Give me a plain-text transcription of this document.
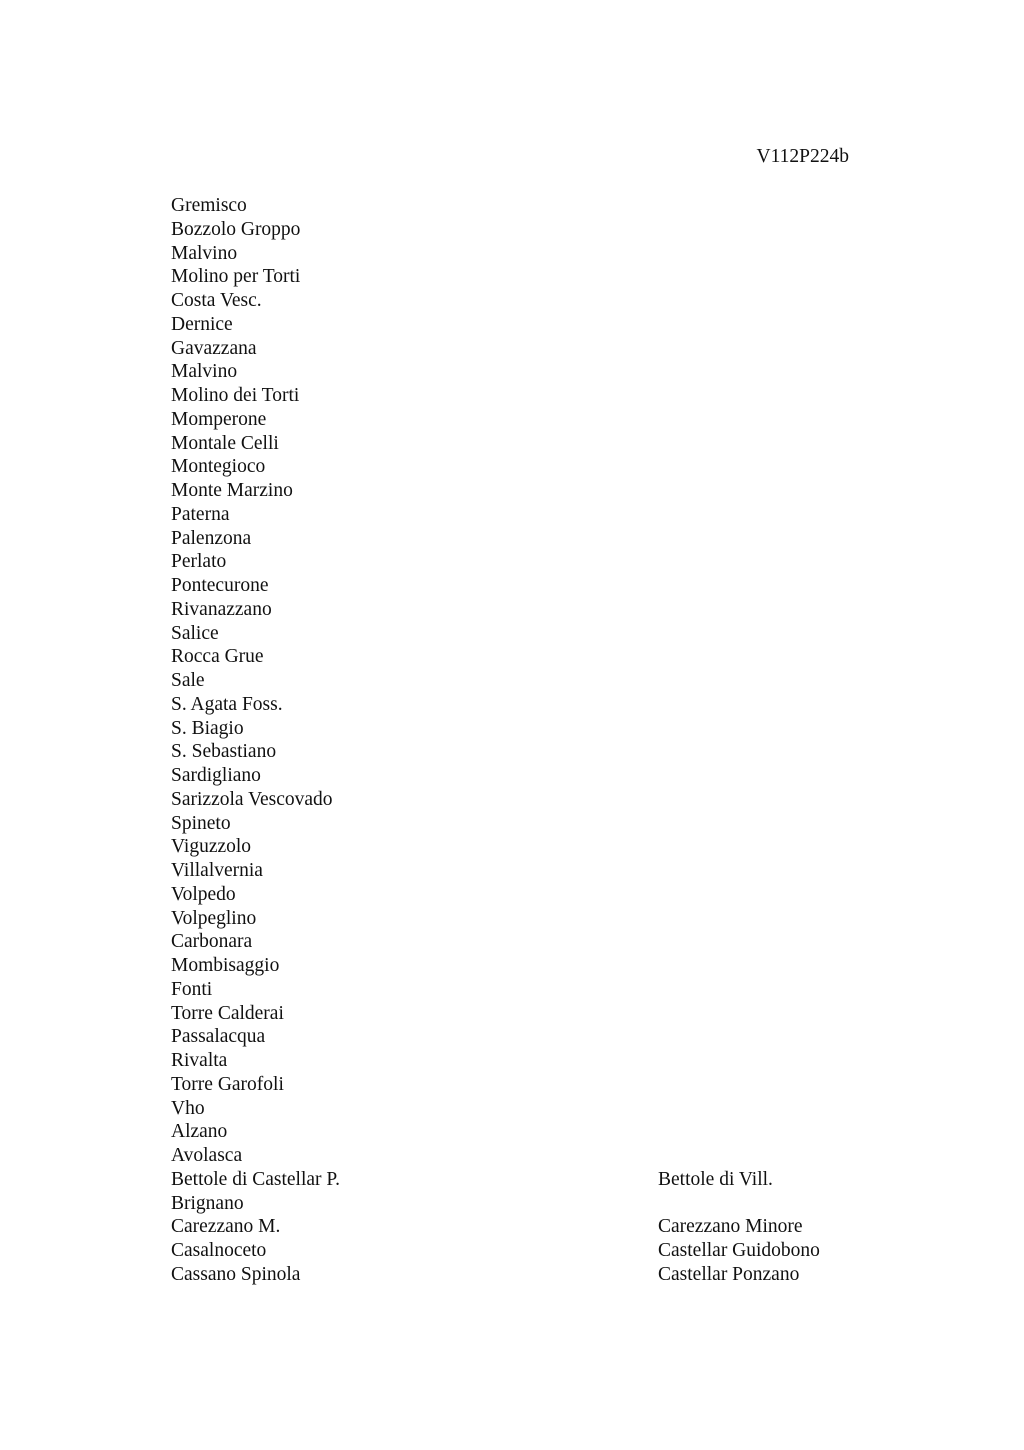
V112P224b
Gremisco
Bozzolo Groppo
Malvino
Molino per Torti
Costa Vesc.
Dernice
Gavazzana
Malvino
Molino dei Torti
Momperone
Montale Celli
Montegioco
Monte Marzino
Paterna
Palenzona
Perlato
Pontecurone
Rivanazzano
Salice
Rocca Grue
Sale
S. Agata Foss.
S. Biagio
S. Sebastiano
Sardigliano
Sarizzola Vescovado
Spineto
Viguzzolo
Villalvernia
Volpedo
Volpeglino
Carbonara
Mombisaggio
Fonti
Torre Calderai
Passalacqua
Rivalta
Torre Garofoli
Vho
Alzano
Avolasca
Bettole di Castellar P.	Bettole di Vill.
Brignano
Carezzano M.	Carezzano Minore
Casalnoceto	Castellar Guidobono
Cassano Spinola	Castellar Ponzano
